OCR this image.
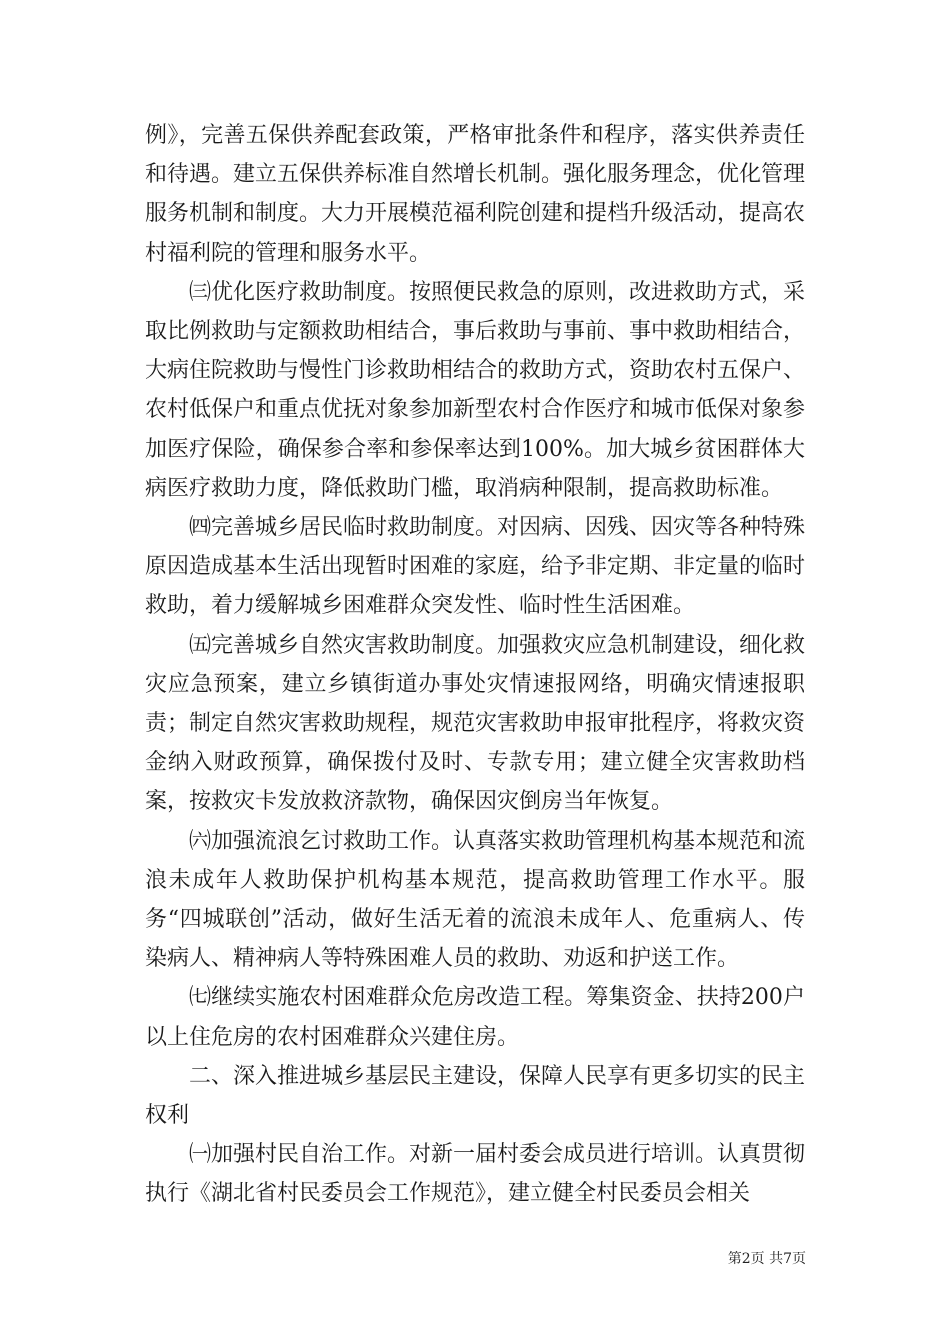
例》，完善五保供养配套政策，严格审批条件和程序，落实供养责任和待遇。建立五保供养标准自然增长机制。强化服务理念，优化管理服务机制和制度。大力开展模范福利院创建和提档升级活动，提高农村福利院的管理和服务水平。

㈢优化医疗救助制度。按照便民救急的原则，改进救助方式，采取比例救助与定额救助相结合，事后救助与事前、事中救助相结合，大病住院救助与慢性门诊救助相结合的救助方式，资助农村五保户、农村低保户和重点优抚对象参加新型农村合作医疗和城市低保对象参加医疗保险，确保参合率和参保率达到100%。加大城乡贫困群体大病医疗救助力度，降低救助门槛，取消病种限制，提高救助标准。

㈣完善城乡居民临时救助制度。对因病、因残、因灾等各种特殊原因造成基本生活出现暂时困难的家庭，给予非定期、非定量的临时救助，着力缓解城乡困难群众突发性、临时性生活困难。

㈤完善城乡自然灾害救助制度。加强救灾应急机制建设，细化救灾应急预案，建立乡镇街道办事处灾情速报网络，明确灾情速报职责；制定自然灾害救助规程，规范灾害救助申报审批程序，将救灾资金纳入财政预算，确保拨付及时、专款专用；建立健全灾害救助档案，按救灾卡发放救济款物，确保因灾倒房当年恢复。

㈥加强流浪乞讨救助工作。认真落实救助管理机构基本规范和流浪未成年人救助保护机构基本规范，提高救助管理工作水平。服务“四城联创”活动，做好生活无着的流浪未成年人、危重病人、传染病人、精神病人等特殊困难人员的救助、劝返和护送工作。

㈦继续实施农村困难群众危房改造工程。筹集资金、扶持200户以上住危房的农村困难群众兴建住房。

二、深入推进城乡基层民主建设，保障人民享有更多切实的民主权利

㈠加强村民自治工作。对新一届村委会成员进行培训。认真贯彻执行《湖北省村民委员会工作规范》，建立健全村民委员会相关

第2页 共7页
